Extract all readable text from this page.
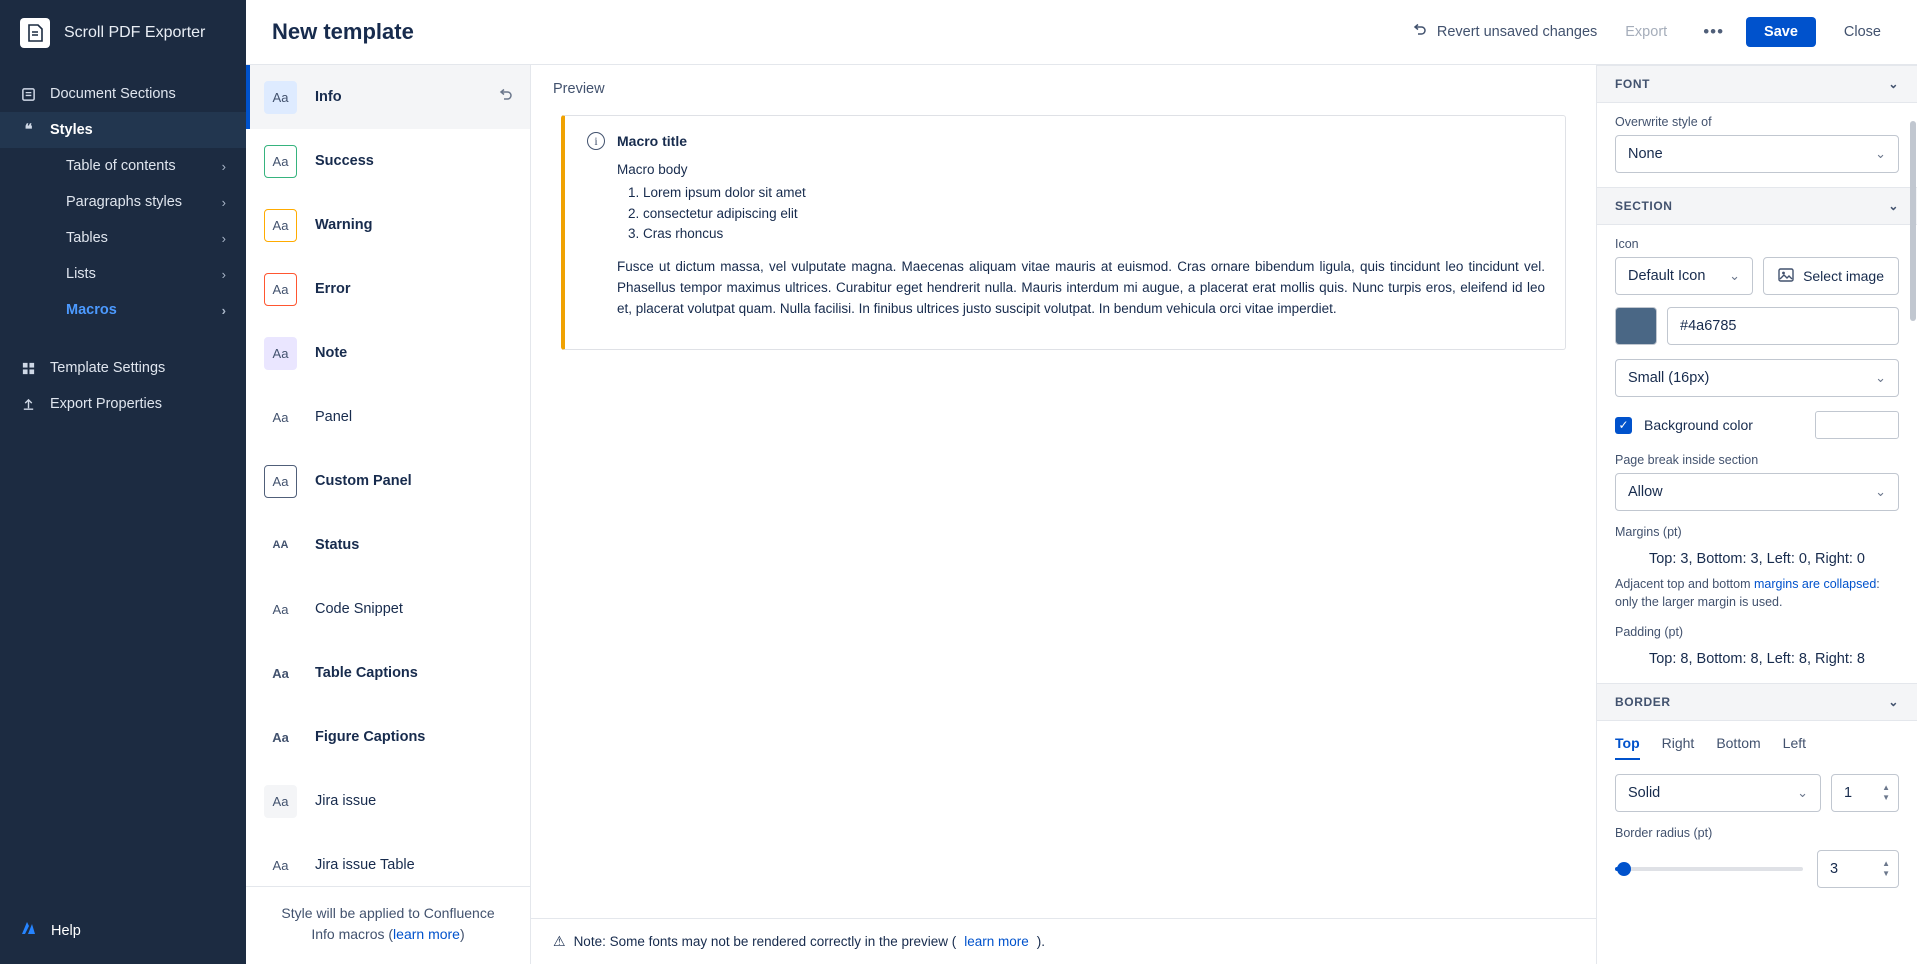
Scroll PDF Exporter
Document Sections
❝	Styles
Table of contents	›
Paragraphs styles	›
Tables	›
Lists	›
Macros	›
Template Settings
Export Properties
Help
New template	Revert unsaved changes	Export	•••	Save	Close
Aa	Info
Aa	Success
Aa	Warning
Aa	Error
Aa	Note
Aa	Panel
Aa	Custom Panel
AA	Status
Aa	Code Snippet
Aa	Table Captions
Aa	Figure Captions
Aa	Jira issue
Aa	Jira issue Table
Style will be applied to Confluence
Info macros (learn more)
Preview
i	Macro title
Macro body
1. Lorem ipsum dolor sit amet
2. consectetur adipiscing elit
3. Cras rhoncus

Fusce ut dictum massa, vel vulputate magna. Maecenas aliquam vitae mauris at euismod. Cras ornare bibendum ligula, quis tincidunt leo tincidunt vel. Phasellus tempor maximus ultrices. Curabitur eget hendrerit nulla. Mauris interdum mi augue, a placerat erat mollis quis. Nunc turpis eros, eleifend id leo et, placerat volutpat quam. Nulla facilisi. In finibus ultrices justo suscipit volutpat. In bendum vehicula orci vitae imperdiet.

⚠ Note: Some fonts may not be rendered correctly in the preview ( learn more ).
FONT	⌄
Overwrite style of
None	⌄
SECTION	⌄
Icon
Default Icon ⌄	Select image
#4a6785
Small (16px)	⌄
✓ Background color
Page break inside section
Allow	⌄
Margins (pt)
Top: 3, Bottom: 3, Left: 0, Right: 0
Adjacent top and bottom margins are collapsed: only the larger margin is used.
Padding (pt)
Top: 8, Bottom: 8, Left: 8, Right: 8
BORDER	⌄
Top Right Bottom Left
Solid	⌄ 1	▲
▼
Border radius (pt)
3	▲
▼
